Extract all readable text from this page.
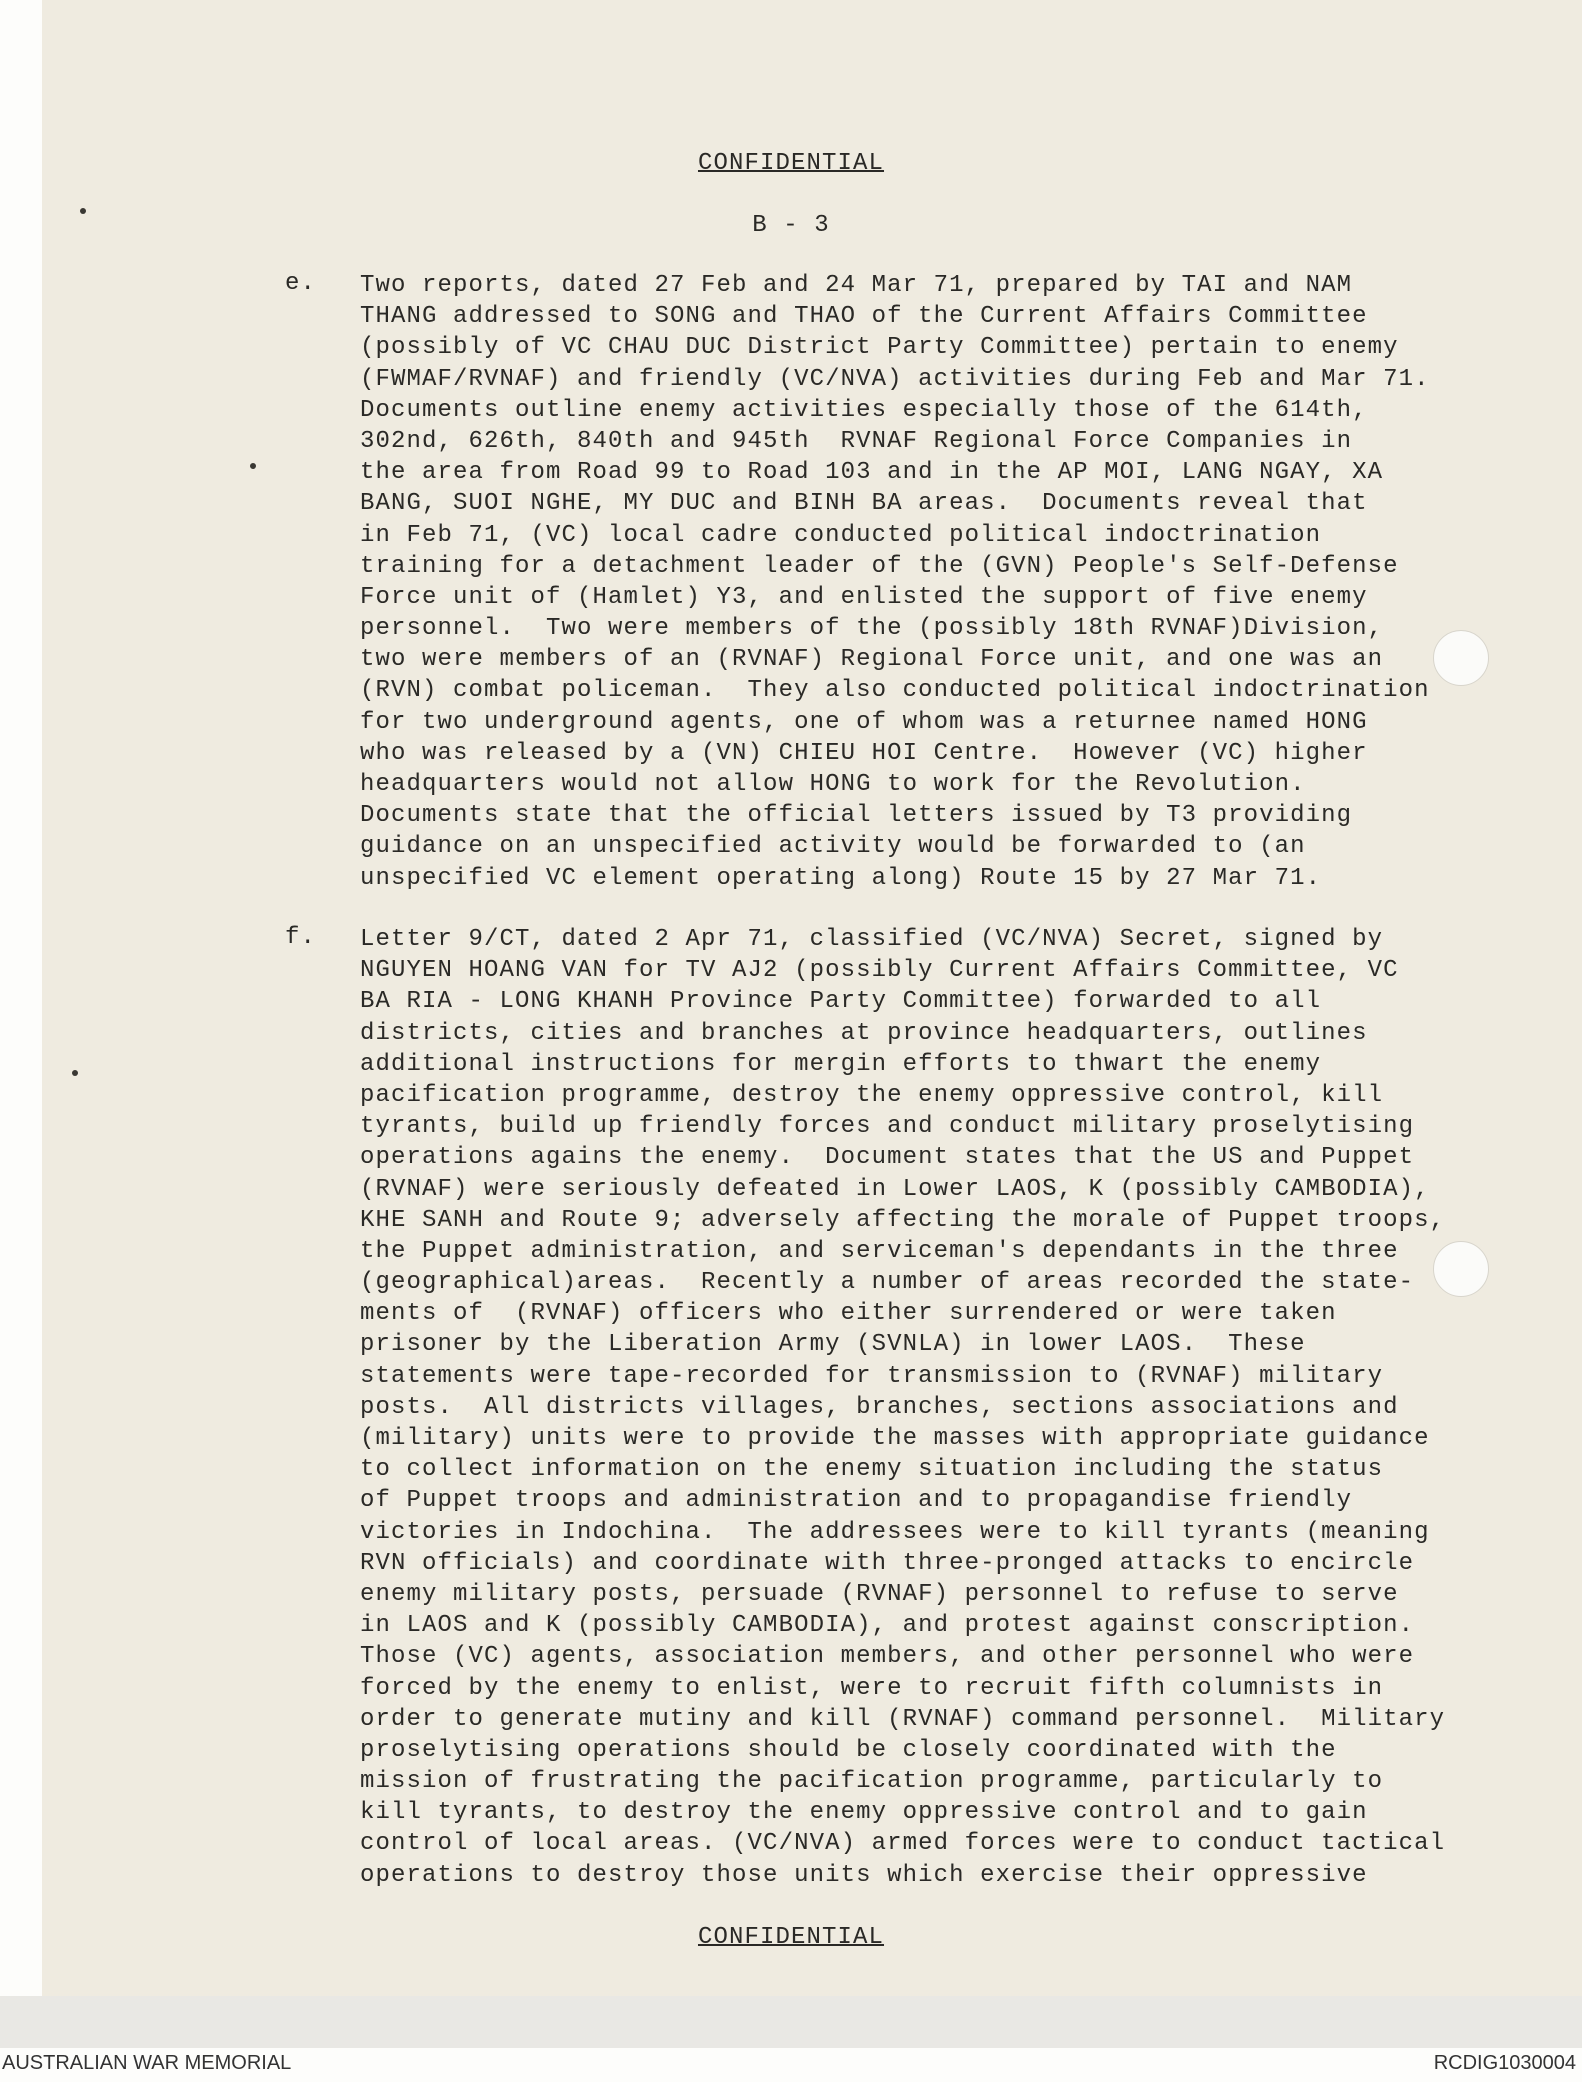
CONFIDENTIAL
B - 3

e.

Two reports, dated 27 Feb and 24 Mar 71, prepared by TAI and NAM
THANG addressed to SONG and THAO of the Current Affairs Committee
(possibly of VC CHAU DUC District Party Committee) pertain to enemy
(FWMAF/RVNAF) and friendly (VC/NVA) activities during Feb and Mar 71.
Documents outline enemy activities especially those of the 614th,
302nd, 626th, 840th and 945th  RVNAF Regional Force Companies in
the area from Road 99 to Road 103 and in the AP MOI, LANG NGAY, XA
BANG, SUOI NGHE, MY DUC and BINH BA areas.  Documents reveal that
in Feb 71, (VC) local cadre conducted political indoctrination
training for a detachment leader of the (GVN) People's Self-Defense
Force unit of (Hamlet) Y3, and enlisted the support of five enemy
personnel.  Two were members of the (possibly 18th RVNAF)Division,
two were members of an (RVNAF) Regional Force unit, and one was an
(RVN) combat policeman.  They also conducted political indoctrination
for two underground agents, one of whom was a returnee named HONG
who was released by a (VN) CHIEU HOI Centre.  However (VC) higher
headquarters would not allow HONG to work for the Revolution.
Documents state that the official letters issued by T3 providing
guidance on an unspecified activity would be forwarded to (an
unspecified VC element operating along) Route 15 by 27 Mar 71.

f.

Letter 9/CT, dated 2 Apr 71, classified (VC/NVA) Secret, signed by
NGUYEN HOANG VAN for TV AJ2 (possibly Current Affairs Committee, VC
BA RIA - LONG KHANH Province Party Committee) forwarded to all
districts, cities and branches at province headquarters, outlines
additional instructions for mergin efforts to thwart the enemy
pacification programme, destroy the enemy oppressive control, kill
tyrants, build up friendly forces and conduct military proselytising
operations agains the enemy.  Document states that the US and Puppet
(RVNAF) were seriously defeated in Lower LAOS, K (possibly CAMBODIA),
KHE SANH and Route 9; adversely affecting the morale of Puppet troops,
the Puppet administration, and serviceman's dependants in the three
(geographical)areas.  Recently a number of areas recorded the state-
ments of  (RVNAF) officers who either surrendered or were taken
prisoner by the Liberation Army (SVNLA) in lower LAOS.  These
statements were tape-recorded for transmission to (RVNAF) military
posts.  All districts villages, branches, sections associations and
(military) units were to provide the masses with appropriate guidance
to collect information on the enemy situation including the status
of Puppet troops and administration and to propagandise friendly
victories in Indochina.  The addressees were to kill tyrants (meaning
RVN officials) and coordinate with three-pronged attacks to encircle
enemy military posts, persuade (RVNAF) personnel to refuse to serve
in LAOS and K (possibly CAMBODIA), and protest against conscription.
Those (VC) agents, association members, and other personnel who were
forced by the enemy to enlist, were to recruit fifth columnists in
order to generate mutiny and kill (RVNAF) command personnel.  Military
proselytising operations should be closely coordinated with the
mission of frustrating the pacification programme, particularly to
kill tyrants, to destroy the enemy oppressive control and to gain
control of local areas. (VC/NVA) armed forces were to conduct tactical
operations to destroy those units which exercise their oppressive

CONFIDENTIAL
AUSTRALIAN WAR MEMORIAL	RCDIG1030004
